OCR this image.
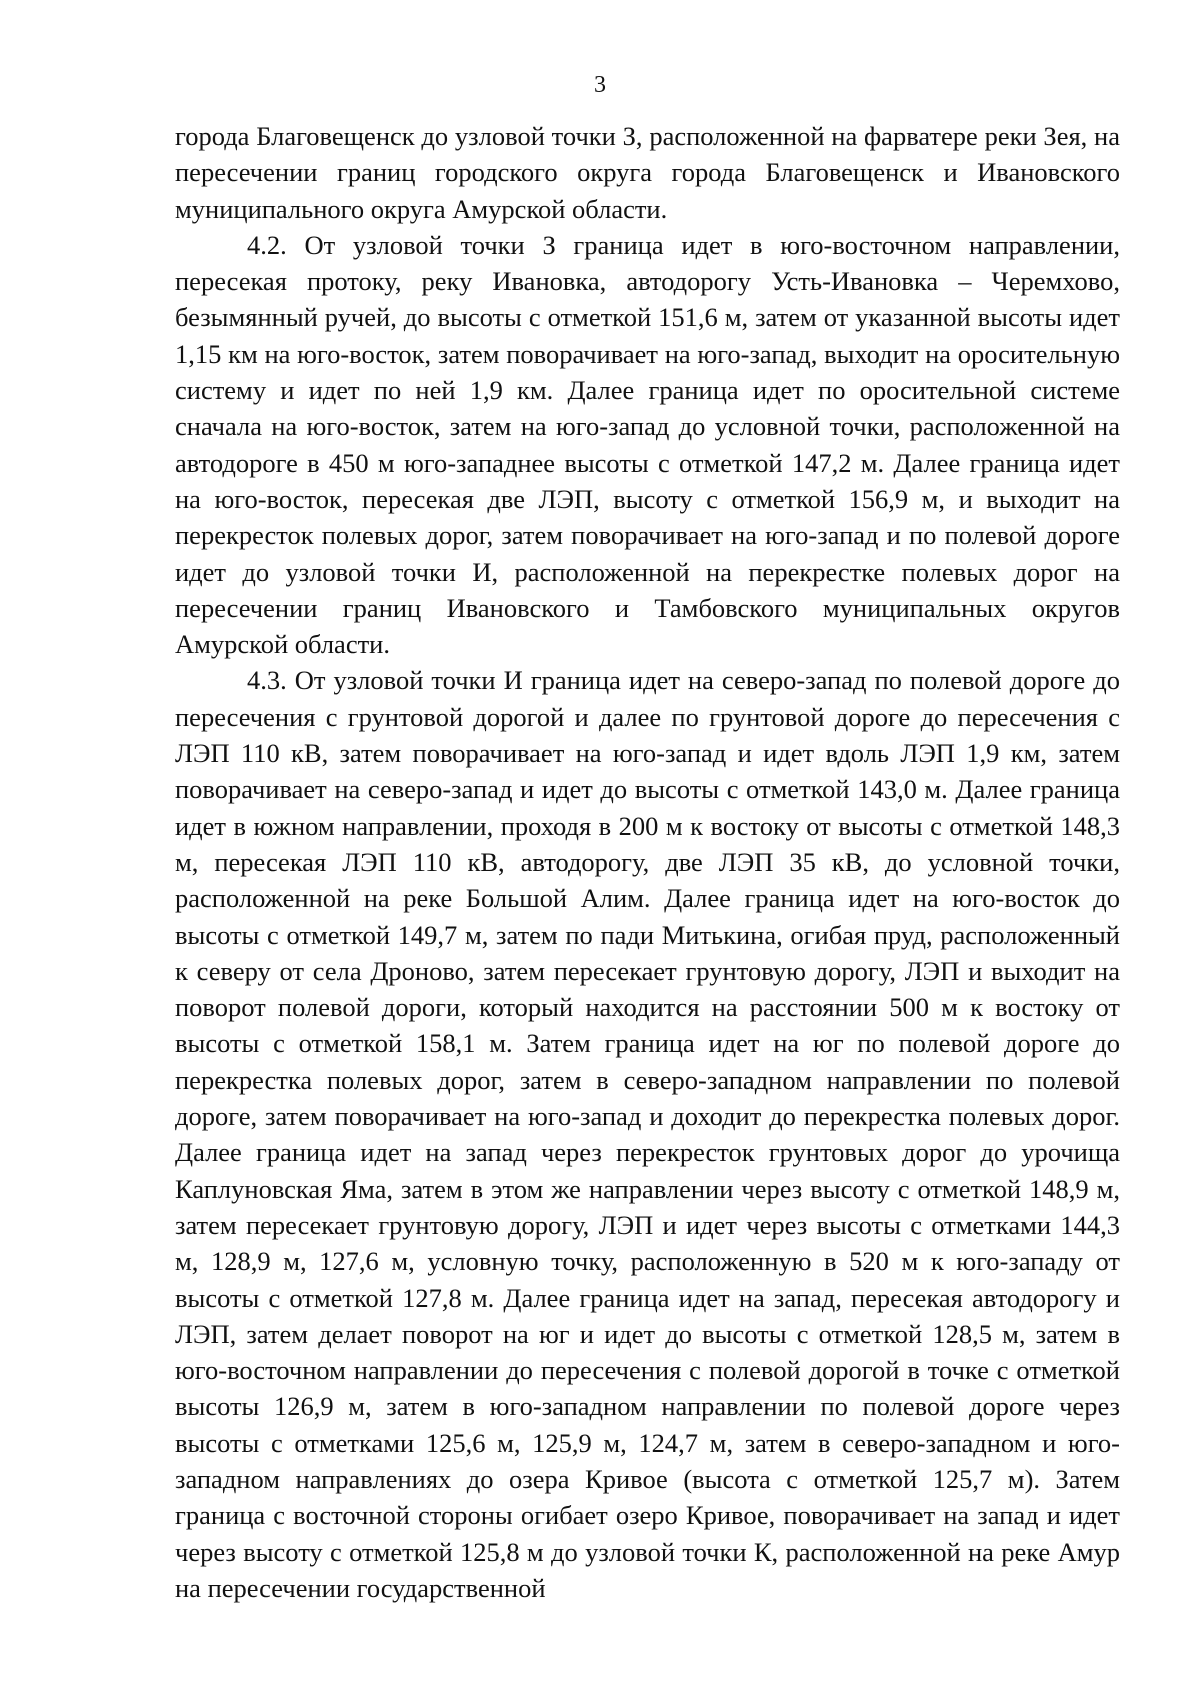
3

города Благовещенск до узловой точки З, расположенной на фарватере реки Зея, на пересечении границ городского округа города Благовещенск и Ивановского муниципального округа Амурской области.

4.2. От узловой точки З граница идет в юго-восточном направлении, пересекая протоку, реку Ивановка, автодорогу Усть-Ивановка – Черемхово, безымянный ручей, до высоты с отметкой 151,6 м, затем от указанной высоты идет 1,15 км на юго-восток, затем поворачивает на юго-запад, выходит на оросительную систему и идет по ней 1,9 км. Далее граница идет по оросительной системе сначала на юго-восток, затем на юго-запад до условной точки, расположенной на автодороге в 450 м юго-западнее высоты с отметкой 147,2 м. Далее граница идет на юго-восток, пересекая две ЛЭП, высоту с отметкой 156,9 м, и выходит на перекресток полевых дорог, затем поворачивает на юго-запад и по полевой дороге идет до узловой точки И, расположенной на перекрестке полевых дорог на пересечении границ Ивановского и Тамбовского муниципальных округов Амурской области.

4.3. От узловой точки И граница идет на северо-запад по полевой дороге до пересечения с грунтовой дорогой и далее по грунтовой дороге до пересечения с ЛЭП 110 кВ, затем поворачивает на юго-запад и идет вдоль ЛЭП 1,9 км, затем поворачивает на северо-запад и идет до высоты с отметкой 143,0 м. Далее граница идет в южном направлении, проходя в 200 м к востоку от высоты с отметкой 148,3 м, пересекая ЛЭП 110 кВ, автодорогу, две ЛЭП 35 кВ, до условной точки, расположенной на реке Большой Алим. Далее граница идет на юго-восток до высоты с отметкой 149,7 м, затем по пади Митькина, огибая пруд, расположенный к северу от села Дроново, затем пересекает грунтовую дорогу, ЛЭП и выходит на поворот полевой дороги, который находится на расстоянии 500 м к востоку от высоты с отметкой 158,1 м. Затем граница идет на юг по полевой дороге до перекрестка полевых дорог, затем в северо-западном направлении по полевой дороге, затем поворачивает на юго-запад и доходит до перекрестка полевых дорог. Далее граница идет на запад через перекресток грунтовых дорог до урочища Каплуновская Яма, затем в этом же направлении через высоту с отметкой 148,9 м, затем пересекает грунтовую дорогу, ЛЭП и идет через высоты с отметками 144,3 м, 128,9 м, 127,6 м, условную точку, расположенную в 520 м к юго-западу от высоты с отметкой 127,8 м. Далее граница идет на запад, пересекая автодорогу и ЛЭП, затем делает поворот на юг и идет до высоты с отметкой 128,5 м, затем в юго-восточном направлении до пересечения с полевой дорогой в точке с отметкой высоты 126,9 м, затем в юго-западном направлении по полевой дороге через высоты с отметками 125,6 м, 125,9 м, 124,7 м, затем в северо-западном и юго-западном направлениях до озера Кривое (высота с отметкой 125,7 м). Затем граница с восточной стороны огибает озеро Кривое, поворачивает на запад и идет через высоту с отметкой 125,8 м до узловой точки К, расположенной на реке Амур на пересечении государственной
